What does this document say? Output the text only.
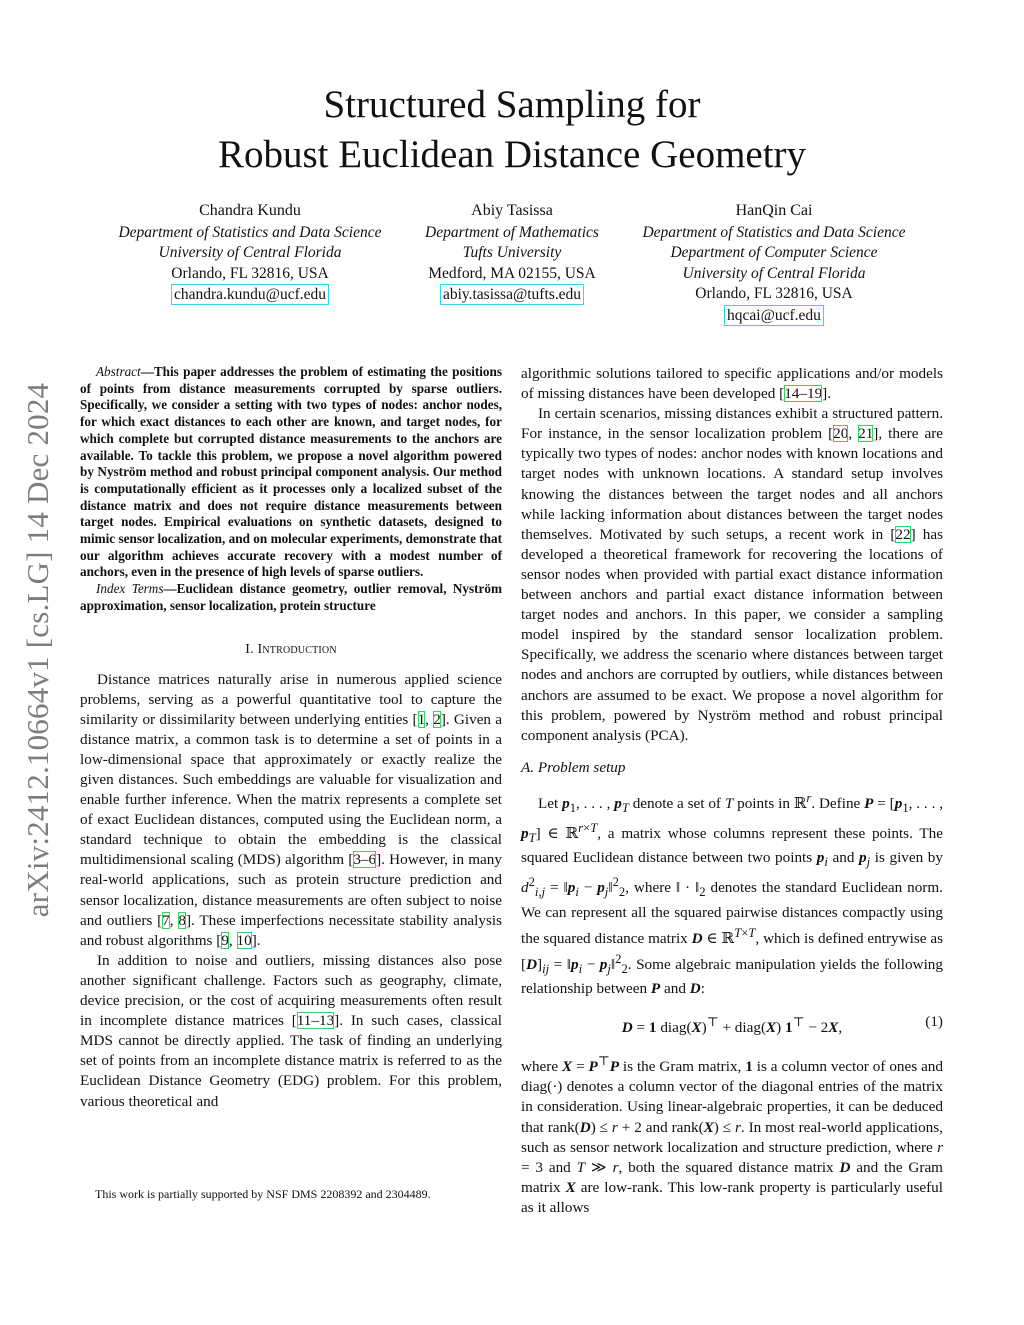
arXiv:2412.10664v1 [cs.LG] 14 Dec 2024
Structured Sampling for
Robust Euclidean Distance Geometry
Chandra Kundu
Department of Statistics and Data Science
University of Central Florida
Orlando, FL 32816, USA
chandra.kundu@ucf.edu
Abiy Tasissa
Department of Mathematics
Tufts University
Medford, MA 02155, USA
abiy.tasissa@tufts.edu
HanQin Cai
Department of Statistics and Data Science
Department of Computer Science
University of Central Florida
Orlando, FL 32816, USA
hqcai@ucf.edu

Abstract—This paper addresses the problem of estimating the positions of points from distance measurements corrupted by sparse outliers. Specifically, we consider a setting with two types of nodes: anchor nodes, for which exact distances to each other are known, and target nodes, for which complete but corrupted distance measurements to the anchors are available. To tackle this problem, we propose a novel algorithm powered by Nyström method and robust principal component analysis. Our method is computationally efficient as it processes only a localized subset of the distance matrix and does not require distance measurements between target nodes. Empirical evaluations on synthetic datasets, designed to mimic sensor localization, and on molecular experiments, demonstrate that our algorithm achieves accurate recovery with a modest number of anchors, even in the presence of high levels of sparse outliers.

Index Terms—Euclidean distance geometry, outlier removal, Nyström approximation, sensor localization, protein structure

I. Introduction

Distance matrices naturally arise in numerous applied science problems, serving as a powerful quantitative tool to capture the similarity or dissimilarity between underlying entities [1, 2]. Given a distance matrix, a common task is to determine a set of points in a low-dimensional space that approximately or exactly realize the given distances. Such embeddings are valuable for visualization and enable further inference. When the matrix represents a complete set of exact Euclidean distances, computed using the Euclidean norm, a standard technique to obtain the embedding is the classical multidimensional scaling (MDS) algorithm [3–6]. However, in many real-world applications, such as protein structure prediction and sensor localization, distance measurements are often subject to noise and outliers [7, 8]. These imperfections necessitate stability analysis and robust algorithms [9, 10].

In addition to noise and outliers, missing distances also pose another significant challenge. Factors such as geography, climate, device precision, or the cost of acquiring measurements often result in incomplete distance matrices [11–13]. In such cases, classical MDS cannot be directly applied. The task of finding an underlying set of points from an incomplete distance matrix is referred to as the Euclidean Distance Geometry (EDG) problem. For this problem, various theoretical and

This work is partially supported by NSF DMS 2208392 and 2304489.

algorithmic solutions tailored to specific applications and/or models of missing distances have been developed [14–19].

In certain scenarios, missing distances exhibit a structured pattern. For instance, in the sensor localization problem [20, 21], there are typically two types of nodes: anchor nodes with known locations and target nodes with unknown locations. A standard setup involves knowing the distances between the target nodes and all anchors while lacking information about distances between the target nodes themselves. Motivated by such setups, a recent work in [22] has developed a theoretical framework for recovering the locations of sensor nodes when provided with partial exact distance information between anchors and partial exact distance information between target nodes and anchors. In this paper, we consider a sampling model inspired by the standard sensor localization problem. Specifically, we address the scenario where distances between target nodes and anchors are corrupted by outliers, while distances between anchors are assumed to be exact. We propose a novel algorithm for this problem, powered by Nyström method and robust principal component analysis (PCA).

A. Problem setup

Let $p_1$, . . . , $p_T$ denote a set of T points in ℝ$^r$. Define $P = [p_1$, . . . , $p_T$] ∈ ℝ$^{r\times T}$, a matrix whose columns represent these points. The squared Euclidean distance between two points $p_i$ and $p_j$ is given by $d^2_{i,j}$ = $‖p_i$ − $p_j‖^2_2$, where ‖ · $‖_2$ denotes the standard Euclidean norm. We can represent all the squared pairwise distances compactly using the squared distance matrix D ∈ ℝ$^{T\times T}$, which is defined entrywise as $[D]_{ij}$ = $‖p_i$ − $p_j‖^2_2$. Some algebraic manipulation yields the following relationship between P and D:

D = 1 diag(X)⊤ + diag(X) 1⊤ − 2X,	(1)

where X = P⊤P is the Gram matrix, 1 is a column vector of ones and diag(·) denotes a column vector of the diagonal entries of the matrix in consideration. Using linear-algebraic properties, it can be deduced that rank(D) ≤ r + 2 and rank(X) ≤ r. In most real-world applications, such as sensor network localization and structure prediction, where r = 3 and T ≫ r, both the squared distance matrix D and the Gram matrix X are low-rank. This low-rank property is particularly useful as it allows
